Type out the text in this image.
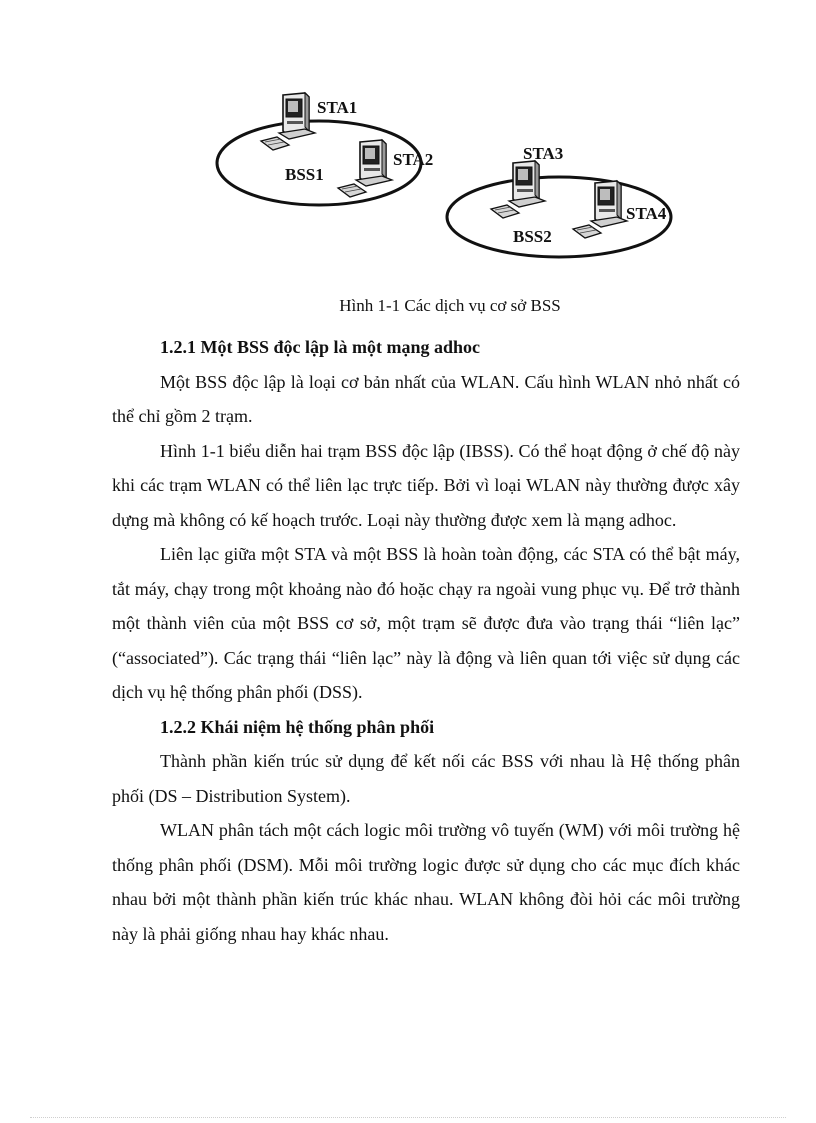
STA1
STA2
BSS1
STA3
STA4
BSS2
Hình 1-1 Các dịch vụ cơ sở BSS
1.2.1 Một BSS độc lập là một mạng adhoc

Một BSS độc lập là loại cơ bản nhất của WLAN. Cấu hình WLAN nhỏ nhất có thể chỉ gồm 2 trạm.

Hình 1-1 biểu diễn hai trạm BSS độc lập (IBSS). Có thể hoạt động ở chế độ này khi các trạm WLAN có thể liên lạc trực tiếp. Bởi vì loại WLAN này thường được xây dựng mà không có kế hoạch trước. Loại này thường được xem là mạng adhoc.

Liên lạc giữa một STA và một BSS là hoàn toàn động, các STA có thể bật máy, tắt máy, chạy trong một khoảng nào đó hoặc chạy ra ngoài vung phục vụ. Để trở thành một thành viên của một BSS cơ sở, một trạm sẽ được đưa vào trạng thái “liên lạc” (“associated”). Các trạng thái “liên lạc” này là động và liên quan tới việc sử dụng các dịch vụ hệ thống phân phối (DSS).

1.2.2 Khái niệm hệ thống phân phối

Thành phần kiến trúc sử dụng để kết nối các BSS với nhau là Hệ thống phân phối (DS – Distribution System).

WLAN phân tách một cách logic môi trường vô tuyến (WM) với môi trường hệ thống phân phối (DSM). Mỗi môi trường logic được sử dụng cho các mục đích khác nhau bởi một thành phần kiến trúc khác nhau. WLAN không đòi hỏi các môi trường này là phải giống nhau hay khác nhau.
